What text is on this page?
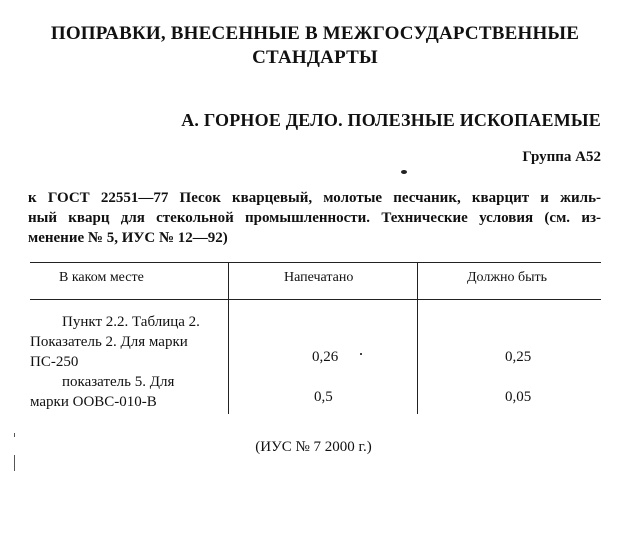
ПОПРАВКИ, ВНЕСЕННЫЕ В МЕЖГОСУДАРСТВЕННЫЕ
СТАНДАРТЫ
А. ГОРНОЕ ДЕЛО. ПОЛЕЗНЫЕ ИСКОПАЕМЫЕ
Группа А52
к ГОСТ 22551—77 Песок кварцевый, молотые песчаник, кварцит и жиль-
ный кварц для стекольной промышленности. Технические условия (см. из-
менение № 5, ИУС № 12—92)
В каком месте	Напечатано	Должно быть
Пункт 2.2. Таблица 2.
Показатель 2. Для марки
ПС-250	0,26	0,25
показатель 5. Для
марки ООВС-010-В	0,5	0,05
(ИУС № 7 2000 г.)
